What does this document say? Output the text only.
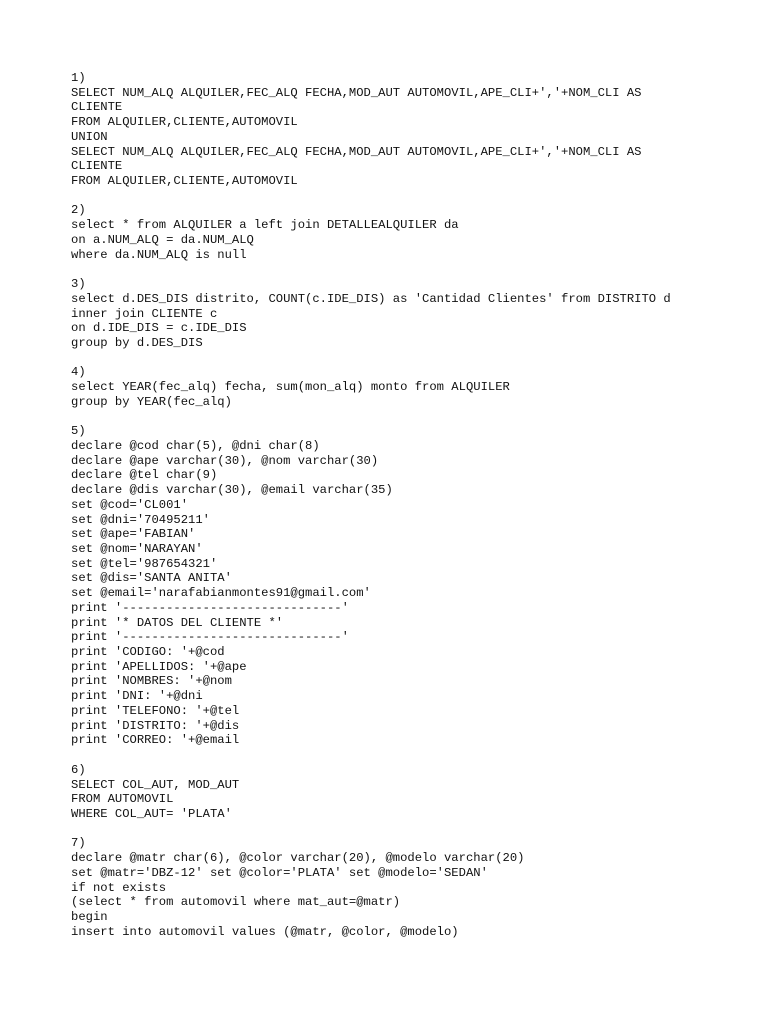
1)
SELECT NUM_ALQ ALQUILER,FEC_ALQ FECHA,MOD_AUT AUTOMOVIL,APE_CLI+','+NOM_CLI AS
CLIENTE
FROM ALQUILER,CLIENTE,AUTOMOVIL
UNION
SELECT NUM_ALQ ALQUILER,FEC_ALQ FECHA,MOD_AUT AUTOMOVIL,APE_CLI+','+NOM_CLI AS
CLIENTE
FROM ALQUILER,CLIENTE,AUTOMOVIL
2)
select * from ALQUILER a left join DETALLEALQUILER da
on a.NUM_ALQ = da.NUM_ALQ
where da.NUM_ALQ is null
3)
select d.DES_DIS distrito, COUNT(c.IDE_DIS) as 'Cantidad Clientes' from DISTRITO d
inner join CLIENTE c
on d.IDE_DIS = c.IDE_DIS
group by d.DES_DIS
4)
select YEAR(fec_alq) fecha, sum(mon_alq) monto from ALQUILER
group by YEAR(fec_alq)
5)
declare @cod char(5), @dni char(8)
declare @ape varchar(30), @nom varchar(30)
declare @tel char(9)
declare @dis varchar(30), @email varchar(35)
set @cod='CL001'
set @dni='70495211'
set @ape='FABIAN'
set @nom='NARAYAN'
set @tel='987654321'
set @dis='SANTA ANITA'
set @email='narafabianmontes91@gmail.com'
print '------------------------------'
print '* DATOS DEL CLIENTE *'
print '------------------------------'
print 'CODIGO: '+@cod
print 'APELLIDOS: '+@ape
print 'NOMBRES: '+@nom
print 'DNI: '+@dni
print 'TELEFONO: '+@tel
print 'DISTRITO: '+@dis
print 'CORREO: '+@email
6)
SELECT COL_AUT, MOD_AUT
FROM AUTOMOVIL
WHERE COL_AUT= 'PLATA'
7)
declare @matr char(6), @color varchar(20), @modelo varchar(20)
set @matr='DBZ-12' set @color='PLATA' set @modelo='SEDAN'
if not exists
(select * from automovil where mat_aut=@matr)
begin
insert into automovil values (@matr, @color, @modelo)
